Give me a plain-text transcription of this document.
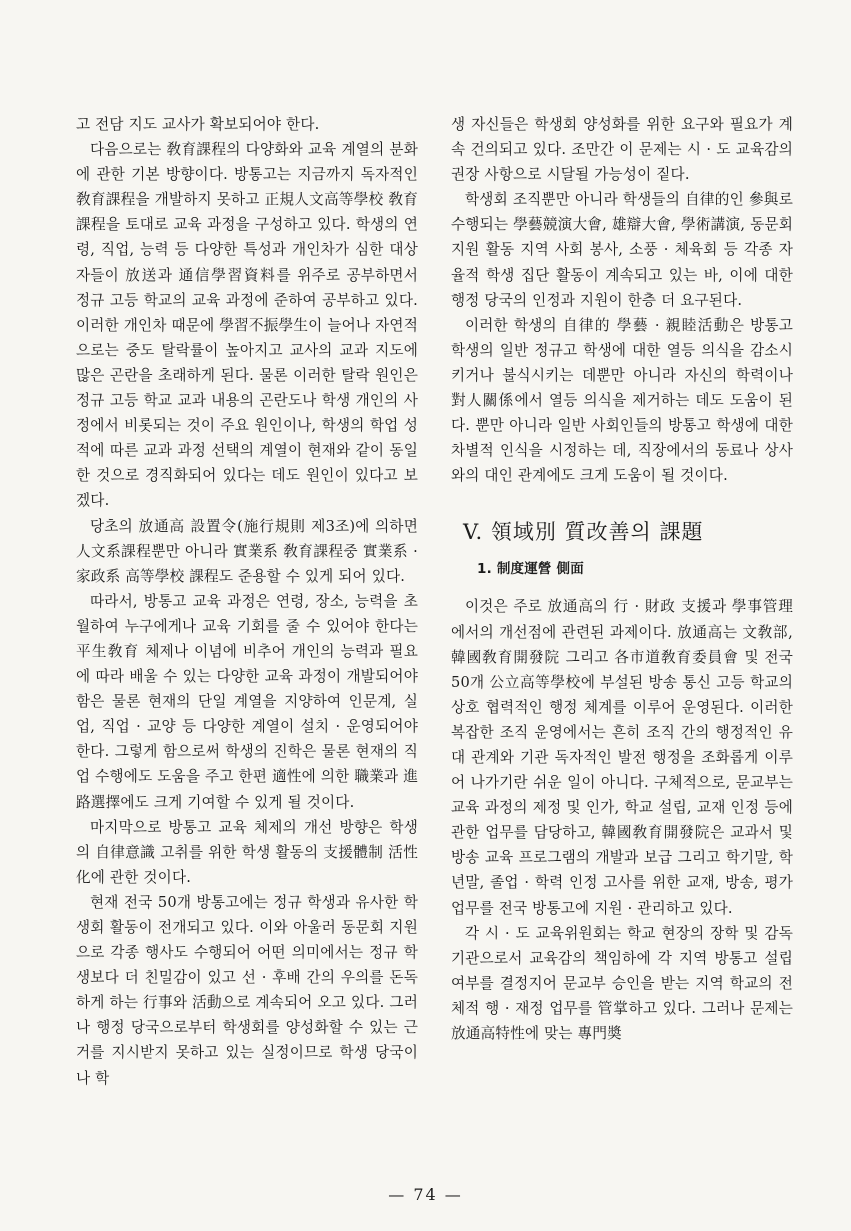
고 전담 지도 교사가 확보되어야 한다.

다음으로는 敎育課程의 다양화와 교육 계열의 분화에 관한 기본 방향이다. 방통고는 지금까지 독자적인 敎育課程을 개발하지 못하고 正規人文高等學校 敎育課程을 토대로 교육 과정을 구성하고 있다. 학생의 연령, 직업, 능력 등 다양한 특성과 개인차가 심한 대상자들이 放送과 通信學習資料를 위주로 공부하면서 정규 고등 학교의 교육 과정에 준하여 공부하고 있다. 이러한 개인차 때문에 學習不振學生이 늘어나 자연적으로는 중도 탈락률이 높아지고 교사의 교과 지도에 많은 곤란을 초래하게 된다. 물론 이러한 탈락 원인은 정규 고등 학교 교과 내용의 곤란도나 학생 개인의 사정에서 비롯되는 것이 주요 원인이나, 학생의 학업 성적에 따른 교과 과정 선택의 계열이 현재와 같이 동일한 것으로 경직화되어 있다는 데도 원인이 있다고 보겠다.

당초의 放通高 設置令(施行規則 제3조)에 의하면 人文系課程뿐만 아니라 實業系 敎育課程중 實業系 · 家政系 高等學校 課程도 준용할 수 있게 되어 있다.

따라서, 방통고 교육 과정은 연령, 장소, 능력을 초월하여 누구에게나 교육 기회를 줄 수 있어야 한다는 平生敎育 체제나 이념에 비추어 개인의 능력과 필요에 따라 배울 수 있는 다양한 교육 과정이 개발되어야 함은 물론 현재의 단일 계열을 지양하여 인문계, 실업, 직업 · 교양 등 다양한 계열이 설치 · 운영되어야 한다. 그렇게 함으로써 학생의 진학은 물론 현재의 직업 수행에도 도움을 주고 한편 適性에 의한 職業과 進路選擇에도 크게 기여할 수 있게 될 것이다.

마지막으로 방통고 교육 체제의 개선 방향은 학생의 自律意識 고취를 위한 학생 활동의 支援體制 活性化에 관한 것이다.

현재 전국 50개 방통고에는 정규 학생과 유사한 학생회 활동이 전개되고 있다. 이와 아울러 동문회 지원으로 각종 행사도 수행되어 어떤 의미에서는 정규 학생보다 더 친밀감이 있고 선 · 후배 간의 우의를 돈독하게 하는 行事와 活動으로 계속되어 오고 있다. 그러나 행정 당국으로부터 학생회를 양성화할 수 있는 근거를 지시받지 못하고 있는 실정이므로 학생 당국이나 학

생 자신들은 학생회 양성화를 위한 요구와 필요가 계속 건의되고 있다. 조만간 이 문제는 시 · 도 교육감의 권장 사항으로 시달될 가능성이 짙다.

학생회 조직뿐만 아니라 학생들의 自律的인 參與로 수행되는 學藝競演大會, 雄辯大會, 學術講演, 동문회 지원 활동 지역 사회 봉사, 소풍 · 체육회 등 각종 자율적 학생 집단 활동이 계속되고 있는 바, 이에 대한 행정 당국의 인정과 지원이 한층 더 요구된다.

이러한 학생의 自律的 學藝 · 親睦活動은 방통고 학생의 일반 정규고 학생에 대한 열등 의식을 감소시키거나 불식시키는 데뿐만 아니라 자신의 학력이나 對人關係에서 열등 의식을 제거하는 데도 도움이 된다. 뿐만 아니라 일반 사회인들의 방통고 학생에 대한 차별적 인식을 시정하는 데, 직장에서의 동료나 상사와의 대인 관계에도 크게 도움이 될 것이다.

V. 領域別 質改善의 課題
1. 制度運營 側面

이것은 주로 放通高의 行 · 財政 支援과 學事管理에서의 개선점에 관련된 과제이다. 放通高는 文敎部, 韓國敎育開發院 그리고 各市道敎育委員會 및 전국 50개 公立高等學校에 부설된 방송 통신 고등 학교의 상호 협력적인 행정 체계를 이루어 운영된다. 이러한 복잡한 조직 운영에서는 흔히 조직 간의 행정적인 유대 관계와 기관 독자적인 발전 행정을 조화롭게 이루어 나가기란 쉬운 일이 아니다. 구체적으로, 문교부는 교육 과정의 제정 및 인가, 학교 설립, 교재 인정 등에 관한 업무를 담당하고, 韓國敎育開發院은 교과서 및 방송 교육 프로그램의 개발과 보급 그리고 학기말, 학년말, 졸업 · 학력 인정 고사를 위한 교재, 방송, 평가 업무를 전국 방통고에 지원 · 관리하고 있다.

각 시 · 도 교육위원회는 학교 현장의 장학 및 감독 기관으로서 교육감의 책임하에 각 지역 방통고 설립 여부를 결정지어 문교부 승인을 받는 지역 학교의 전체적 행 · 재정 업무를 管掌하고 있다. 그러나 문제는 放通高特性에 맞는 專門奬

— 74 —
